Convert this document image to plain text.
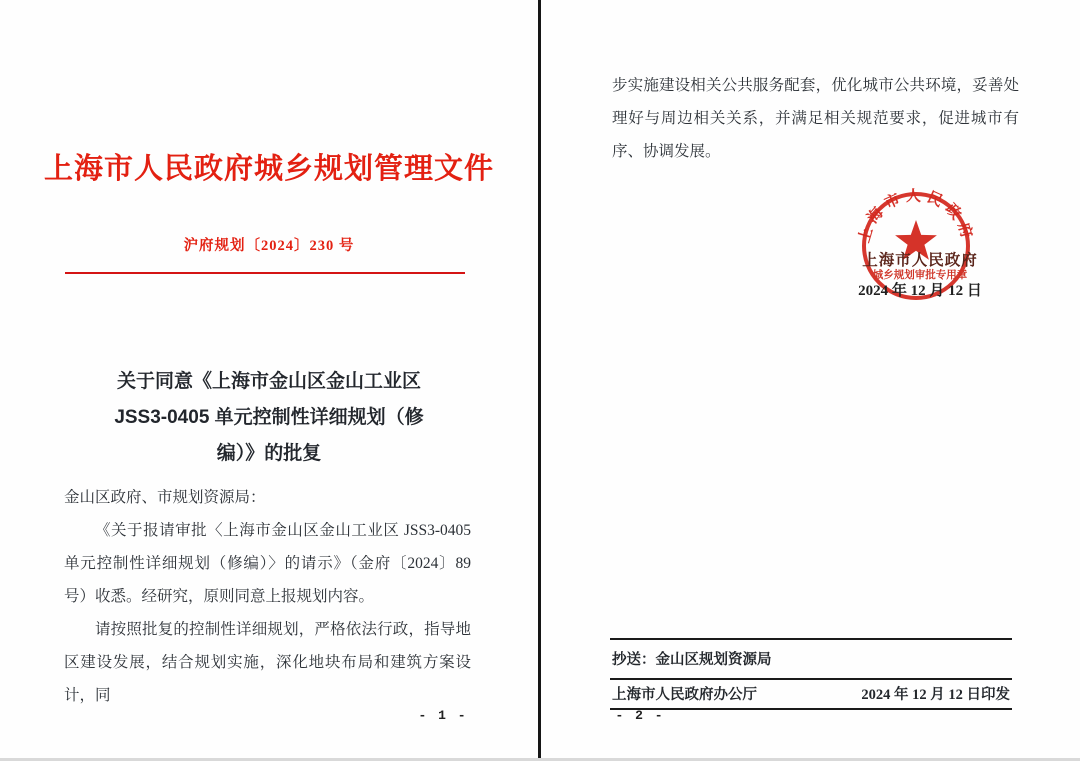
上海市人民政府城乡规划管理文件
沪府规划〔2024〕230 号
关于同意《上海市金山区金山工业区
JSS3-0405 单元控制性详细规划（修
编）》的批复

金山区政府、市规划资源局：

《关于报请审批〈上海市金山区金山工业区 JSS3-0405 单元控制性详细规划（修编）〉的请示》（金府〔2024〕89 号）收悉。经研究，原则同意上报规划内容。

请按照批复的控制性详细规划，严格依法行政，指导地区建设发展，结合规划实施，深化地块布局和建筑方案设计，同

- 1 -

步实施建设相关公共服务配套，优化城市公共环境，妥善处理好与周边相关关系，并满足相关规范要求，促进城市有序、协调发展。

上海市人民政府
上海市人民政府
城乡规划审批专用章
2024 年 12 月 12 日
抄送：金山区规划资源局
上海市人民政府办公厅	2024 年 12 月 12 日印发
- 2 -
